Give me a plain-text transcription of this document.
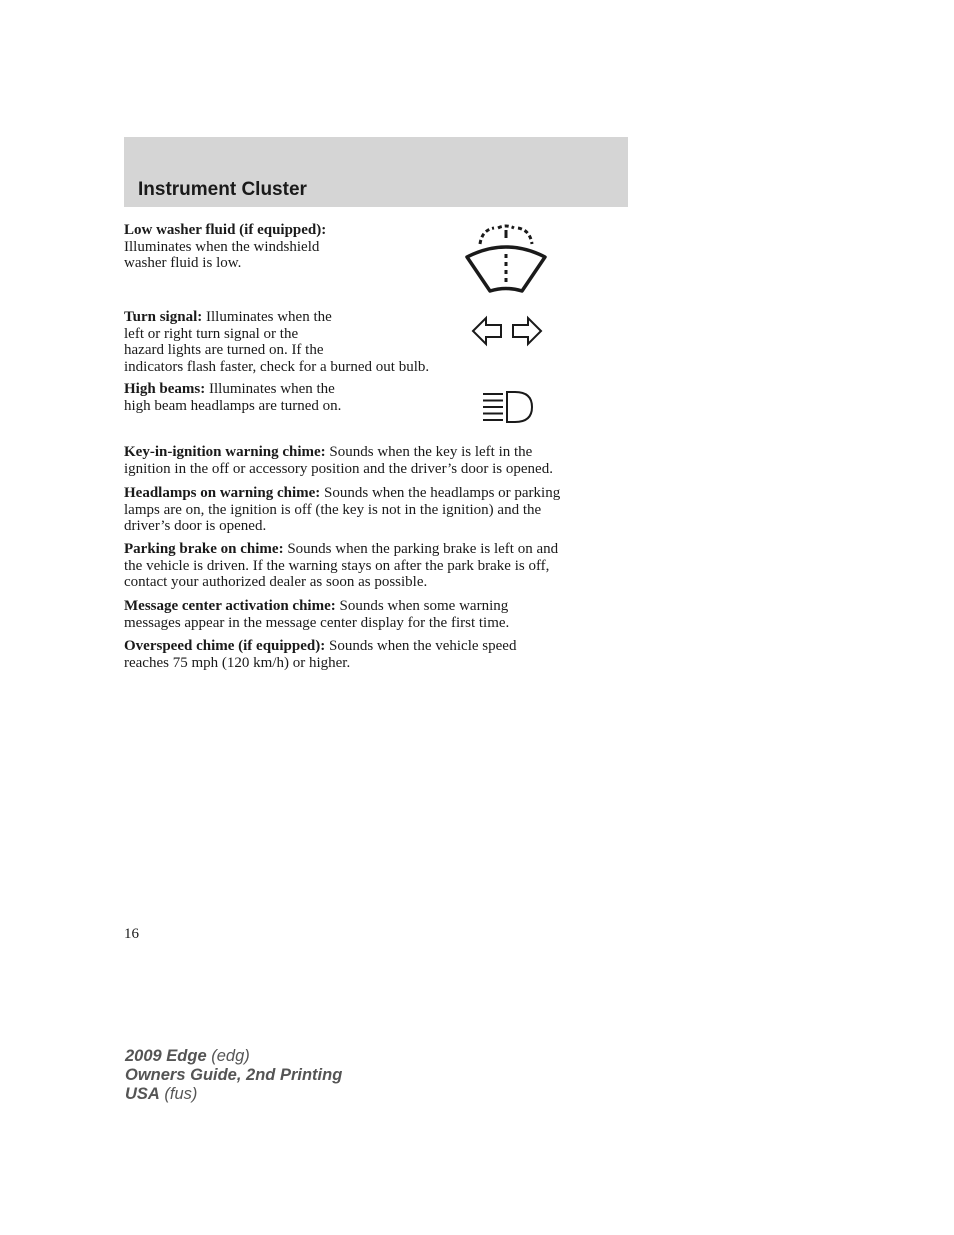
Instrument Cluster

Low washer fluid (if equipped):
Illuminates when the windshield
washer fluid is low.

Turn signal: Illuminates when the
left or right turn signal or the
hazard lights are turned on. If the
indicators flash faster, check for a burned out bulb.

High beams: Illuminates when the
high beam headlamps are turned on.

Key-in-ignition warning chime: Sounds when the key is left in the
ignition in the off or accessory position and the driver’s door is opened.

Headlamps on warning chime: Sounds when the headlamps or parking
lamps are on, the ignition is off (the key is not in the ignition) and the
driver’s door is opened.

Parking brake on chime: Sounds when the parking brake is left on and
the vehicle is driven. If the warning stays on after the park brake is off,
contact your authorized dealer as soon as possible.

Message center activation chime: Sounds when some warning
messages appear in the message center display for the first time.

Overspeed chime (if equipped): Sounds when the vehicle speed
reaches 75 mph (120 km/h) or higher.

16
2009 Edge (edg)
Owners Guide, 2nd Printing
USA (fus)
